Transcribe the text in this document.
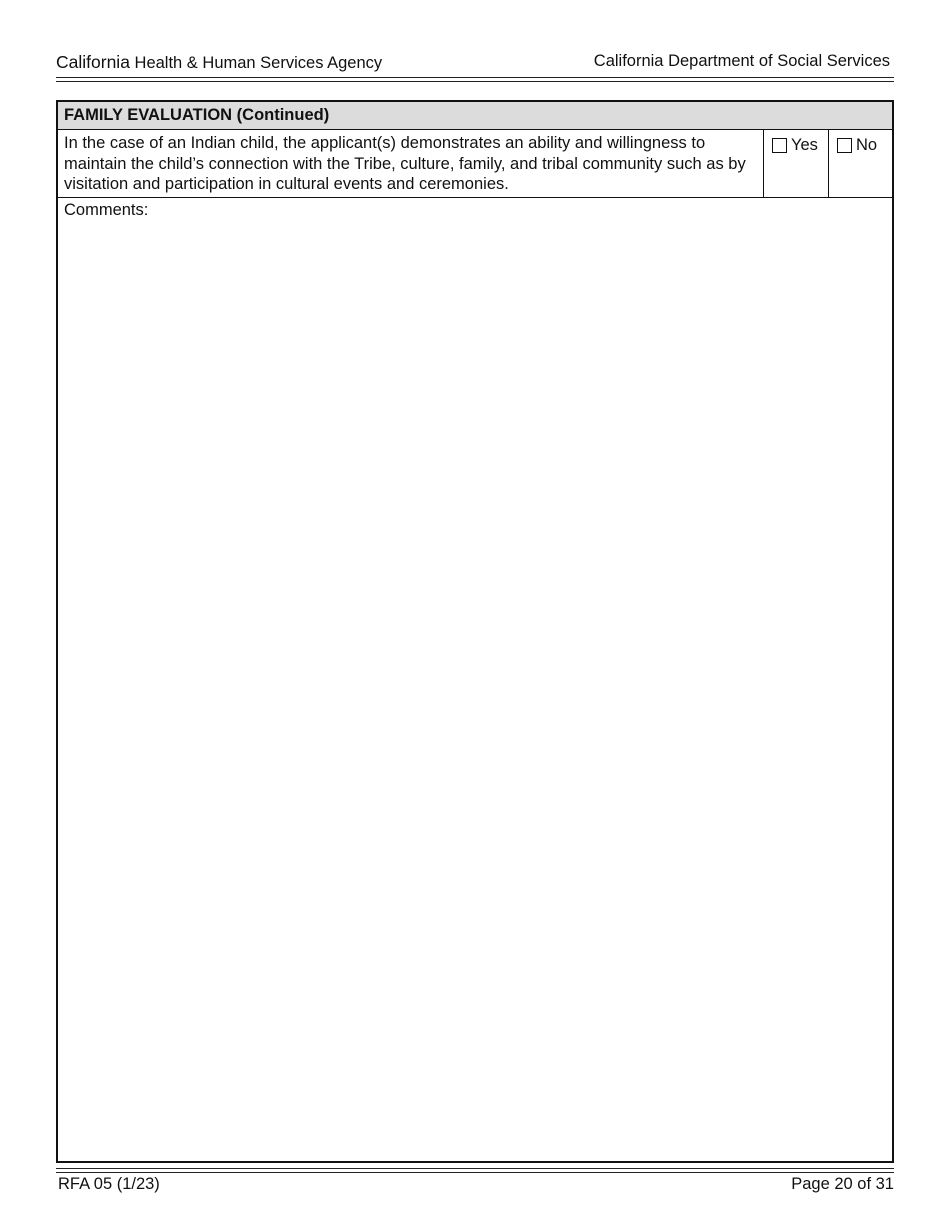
California Health & Human Services Agency	California Department of Social Services
FAMILY EVALUATION (Continued)
In the case of an Indian child, the applicant(s) demonstrates an ability and willingness to maintain the child’s connection with the Tribe, culture, family, and tribal community such as by visitation and participation in cultural events and ceremonies.
Yes No
Comments:
RFA 05 (1/23)	Page 20 of 31
